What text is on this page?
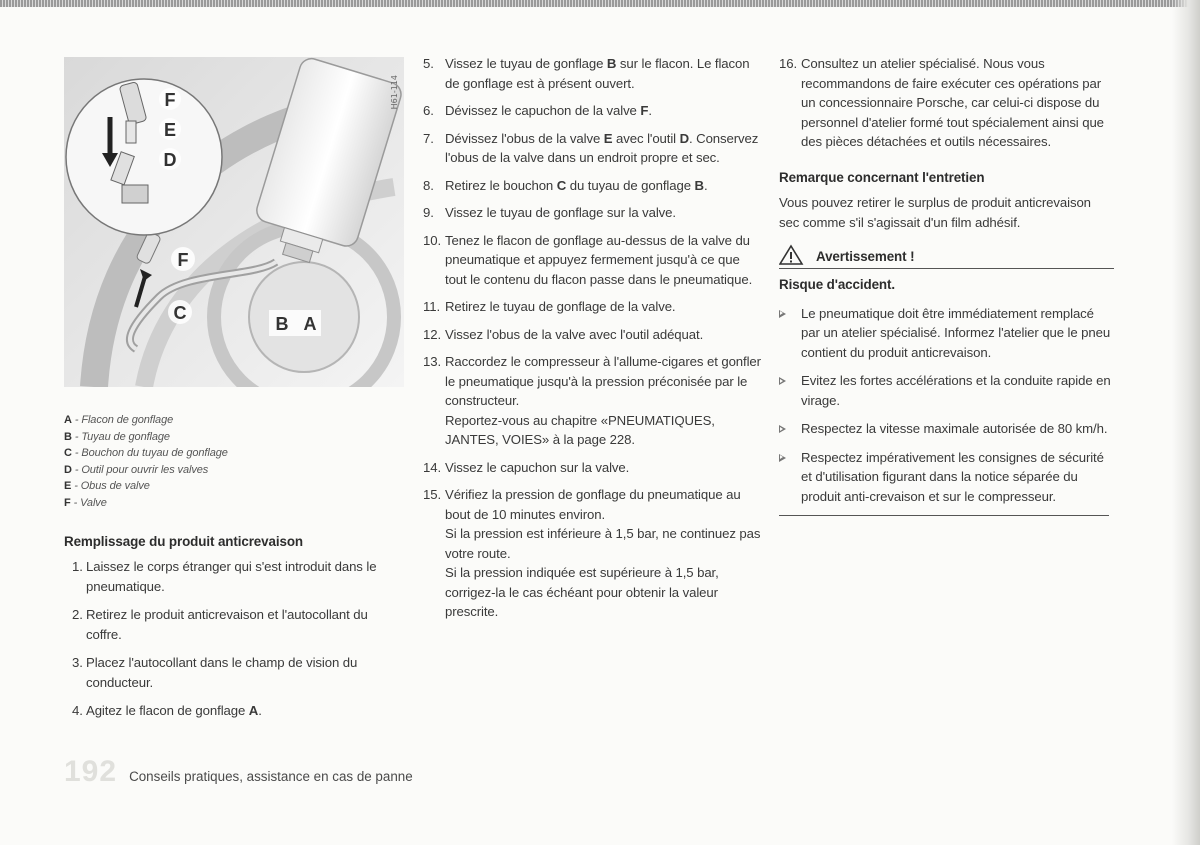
H61-114
F
E
D
F
C
B A
A - Flacon de gonflage
B - Tuyau de gonflage
C - Bouchon du tuyau de gonflage
D - Outil pour ouvrir les valves
E - Obus de valve
F - Valve
Remplissage du produit anticrevaison
1. Laissez le corps étranger qui s'est introduit dans le pneumatique.
2. Retirez le produit anticrevaison et l'autocollant du coffre.
3. Placez l'autocollant dans le champ de vision du conducteur.
4. Agitez le flacon de gonflage A.
5. Vissez le tuyau de gonflage B sur le flacon. Le flacon de gonflage est à présent ouvert.
6. Dévissez le capuchon de la valve F.
7. Dévissez l'obus de la valve E avec l'outil D. Conservez l'obus de la valve dans un endroit propre et sec.
8. Retirez le bouchon C du tuyau de gonflage B.
9. Vissez le tuyau de gonflage sur la valve.
10. Tenez le flacon de gonflage au-dessus de la valve du pneumatique et appuyez fermement jusqu'à ce que tout le contenu du flacon passe dans le pneumatique.
11. Retirez le tuyau de gonflage de la valve.
12. Vissez l'obus de la valve avec l'outil adéquat.
13. Raccordez le compresseur à l'allume-cigares et gonfler le pneumatique jusqu'à la pression préconisée par le constructeur.
Reportez-vous au chapitre «PNEUMATIQUES, JANTES, VOIES» à la page 228.
14. Vissez le capuchon sur la valve.
15. Vérifiez la pression de gonflage du pneumatique au bout de 10 minutes environ.
Si la pression est inférieure à 1,5 bar, ne continuez pas votre route.
Si la pression indiquée est supérieure à 1,5 bar, corrigez-la le cas échéant pour obtenir la valeur prescrite.
16. Consultez un atelier spécialisé. Nous vous recommandons de faire exécuter ces opérations par un concessionnaire Porsche, car celui-ci dispose du personnel d'atelier formé tout spécialement ainsi que des pièces détachées et outils nécessaires.
Remarque concernant l'entretien

Vous pouvez retirer le surplus de produit anticrevaison sec comme s'il s'agissait d'un film adhésif.

Avertissement !
Risque d'accident.
Le pneumatique doit être immédiatement remplacé par un atelier spécialisé. Informez l'atelier que le pneu contient du produit anticrevaison.
Evitez les fortes accélérations et la conduite rapide en virage.
Respectez la vitesse maximale autorisée de 80 km/h.
Respectez impérativement les consignes de sécurité et d'utilisation figurant dans la notice séparée du produit anti-crevaison et sur le compresseur.
192 Conseils pratiques, assistance en cas de panne
